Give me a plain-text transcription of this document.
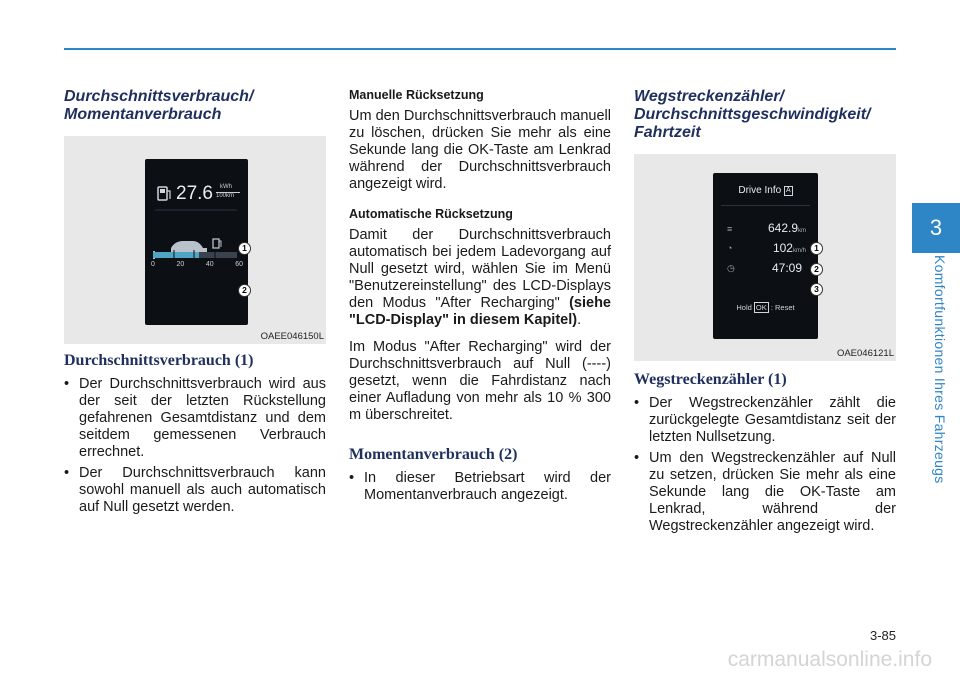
Durchschnittsverbrauch/ Momentanverbrauch
27.6 kWh
100km
0	20	40	60
1
2
OAEE046150L
Durchschnittsverbrauch (1)
• Der Durchschnittsverbrauch wird aus der seit der letzten Rückstellung gefahrenen Gesamtdistanz und dem seitdem gemessenen Verbrauch errechnet.
• Der Durchschnittsverbrauch kann sowohl manuell als auch automatisch auf Null gesetzt werden.
Manuelle Rücksetzung

Um den Durchschnittsverbrauch manuell zu löschen, drücken Sie mehr als eine Sekunde lang die OK-Taste am Lenkrad während der Durchschnittsverbrauch angezeigt wird.

Automatische Rücksetzung

Damit der Durchschnittsverbrauch automatisch bei jedem Ladevorgang auf Null gesetzt wird, wählen Sie im Menü "Benutzereinstellung" des LCD-Displays den Modus "After Recharging" (siehe "LCD-Display" in diesem Kapitel).

Im Modus "After Recharging" wird der Durchschnittsverbrauch auf Null (----) gesetzt, wenn die Fahrdistanz nach einer Aufladung von mehr als 10 % 300 m überschreitet.

Momentanverbrauch (2)
• In dieser Betriebsart wird der Momentanverbrauch angezeigt.
Wegstreckenzähler/ Durchschnittsgeschwindigkeit/ Fahrtzeit
Drive Info A
≡	642.9km
◔	102km/h
◷	47:09
Hold OK : Reset
1
2
3
OAE046121L
Wegstreckenzähler (1)
• Der Wegstreckenzähler zählt die zurückgelegte Gesamtdistanz seit der letzten Nullsetzung.
• Um den Wegstreckenzähler auf Null zu setzen, drücken Sie mehr als eine Sekunde lang die OK-Taste am Lenkrad, während der Wegstreckenzähler angezeigt wird.
3
Komfortfunktionen Ihres Fahrzeugs
3-85
carmanualsonline.info
